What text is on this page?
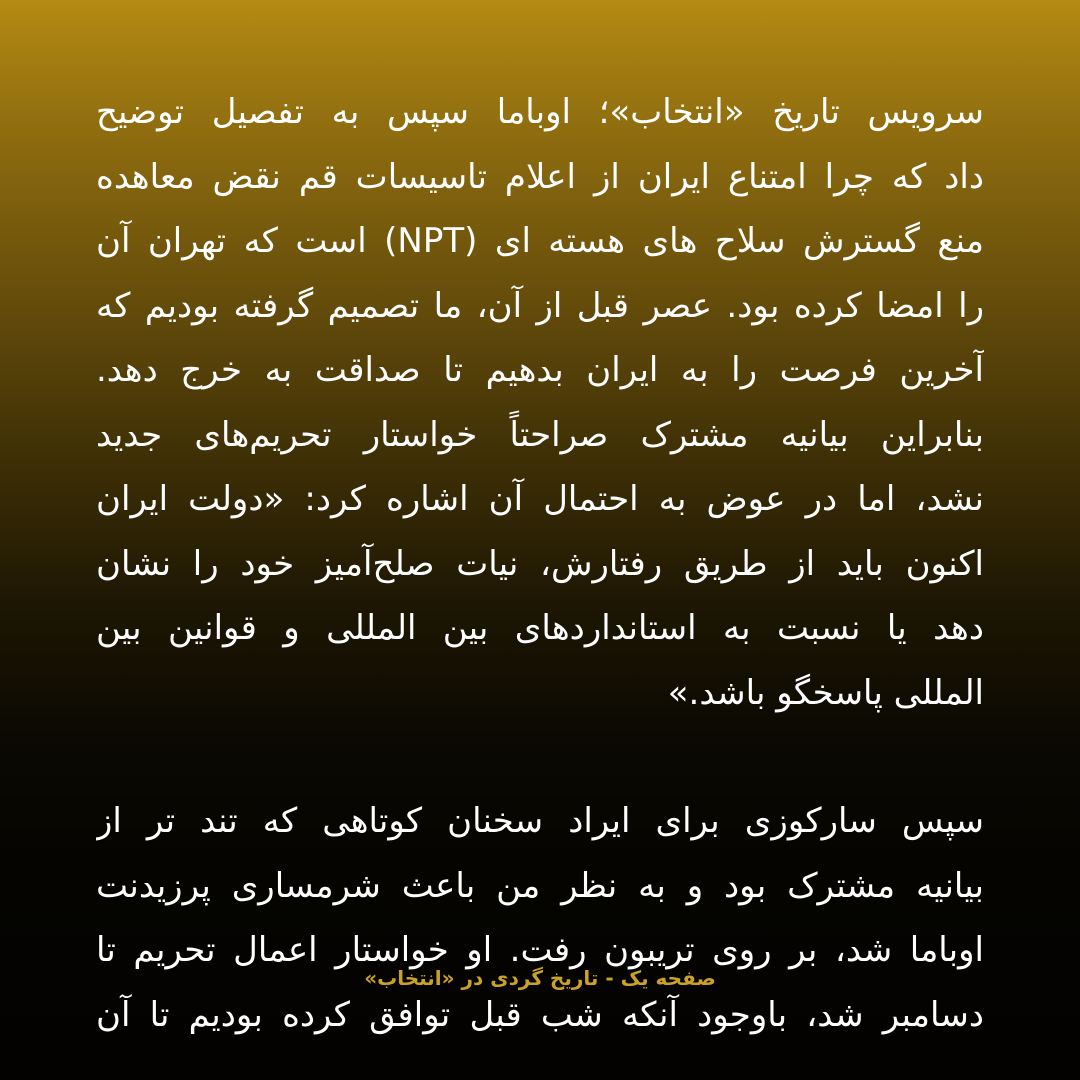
سرویس تاریخ «انتخاب»؛ اوباما سپس به تفصیل توضیح
داد که چرا امتناع ایران از اعلام تاسیسات قم نقض معاهده
منع گسترش سلاح های هسته ای (NPT) است که تهران آن
را امضا کرده بود. عصر قبل از آن، ما تصمیم گرفته بودیم که
آخرین فرصت را به ایران بدهیم تا صداقت به خرج دهد.
بنابراین بیانیه مشترک صراحتاً خواستار تحریم‌های جدید
نشد، اما در عوض به احتمال آن اشاره کرد: «دولت ایران
اکنون باید از طریق رفتارش، نیات صلح‌آمیز خود را نشان
دهد یا نسبت به استانداردهای بین المللی و قوانین بین
المللی پاسخگو باشد.»
سپس سارکوزی برای ایراد سخنان کوتاهی که تند تر از
بیانیه مشترک بود و به نظر من باعث شرمساری پرزیدنت
اوباما شد، بر روی تریبون رفت. او خواستار اعمال تحریم تا
دسامبر شد، باوجود آنکه شب قبل توافق کرده بودیم تا آن
صفحه یک - تاریخ گردی در «انتخاب»
